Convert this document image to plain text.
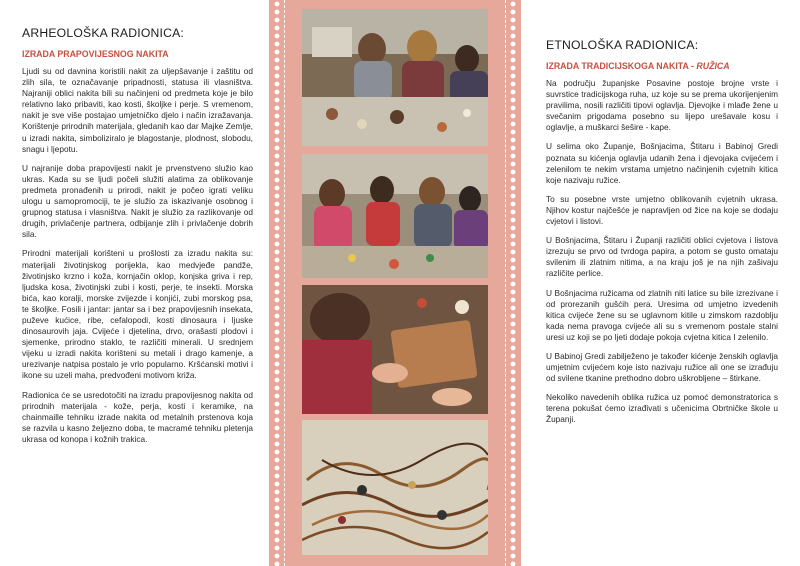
ARHEOLOŠKA RADIONICA:
IZRADA PRAPOVIJESNOG NAKITA

Ljudi su od davnina koristili nakit za uljepšavanje i zaštitu od zlih sila, te označavanje pripadnosti, statusa ili vlasništva. Najraniji oblici nakita bili su načinjeni od predmeta koje je bilo relativno lako pribaviti, kao kosti, školjke i perje. S vremenom, nakit je sve više postajao umjetničko djelo i način izražavanja. Korištenje prirodnih materijala, gledanih kao dar Majke Zemlje, u izradi nakita, simboliziralo je blagostanje, plodnost, slobodu, snagu i ljepotu.

U najranije doba prapovijesti nakit je prvenstveno služio kao ukras. Kada su se ljudi počeli služiti alatima za oblikovanje predmeta pronađenih u prirodi, nakit je počeo igrati veliku ulogu u samopromociji, te je služio za iskazivanje osobnog i grupnog statusa i vlasništva. Nakit je služio za razlikovanje od drugih, privlačenje partnera, odbijanje zlih i privlačenje dobrih sila.

Prirodni materijali korišteni u prošlosti za izradu nakita su: materijali životinjskog porijekla, kao medvjeđe pandže, životinjsko krzno i koža, kornjačin oklop, konjska griva i rep, ljudska kosa, životinjski zubi i kosti, perje, te insekti. Morska bića, kao koralji, morske zvijezde i konjići, zubi morskog psa, te školjke. Fosili i jantar: jantar sa i bez prapovijesnih insekata, pužеve kućice, ribe, cefalopodi, kosti dinosaura i ljuske dinosaurovih jaja. Cvijeće i djetelina, drvo, orašasti plodovi i sjemenke, prirodno staklo, te različiti minerali. U srednjem vijeku u izradi nakita korišteni su metali i drago kamenje, a urezivanje natpisa postalo je vrlo popularno. Kršćanski motivi i ikone su uzeli maha, predvođeni motivom križa.

Radionica će se usredotočiti na izradu prapovijesnog nakita od prirodnih materijala - kože, perja, kosti i keramike, na chainmaille tehniku izrade nakita od metalnih prstenova koja se razvila u kasno željezno doba, te macramé tehniku pletenja ukrasa od konopa i kožnih trakica.

ETNOLOŠKA RADIONICA:
IZRADA TRADICIJSKOGA NAKITA - RUŽICA

Na području županjske Posavine postoje brojne vrste i suvrstice tradicijskoga ruha, uz koje su se prema ukorijenjenim pravilima, nosili različiti tipovi oglavlja. Djevojke i mlađe žene u svečanim prigodama posebno su lijepo urešavale kosu i oglavlje, a muškarci šešire - kape.

U selima oko Županje, Bošnjacima, Štitaru i Babinoj Gredi poznata su kićenja oglavlja udanih žena i djevojaka cvijećem i zelenilom te nekim vrstama umjetno načinjenih cvjetnih kitica koje nazivaju ružice.

To su posebne vrste umjetno oblikovanih cvjetnih ukrasa. Njihov kostur najčešće je napravljen od žice na koje se dodaju cvjetovi i listovi.

U Bošnjacima, Štitaru i Županji različiti oblici cvjetova i listova izrezuju se prvo od tvrdoga papira, a potom se gusto omataju svilenim ili zlatnim nitima, a na kraju još je na njih zašivaju različite perlice.

U Bošnjacima ružicama od zlatnih niti latice su bile izrezivane i od prorezanih gušćih pera. Uresima od umjetno izvedenih kitica cvijeće žene su se uglavnom kitile u zimskom razdoblju kada nema pravoga cvijeće ali su s vremenom postale stalni uresi uz koji se po ljeti dodaje pokoja cvjetna kitica I zelenilo.

U Babinoj Gredi zabilježeno je također kićenje ženskih oglavlja umjetnim cvijećem koje isto nazivaju ružice ali one se izrađuju od svilene tkanine prethodno dobro uškrobljene – štirkane.

Nekoliko navedenih oblika ružica uz pomoć demonstratorica s terena pokušat ćemo izrađivati s učenicima Obrtničke škole u Županji.
